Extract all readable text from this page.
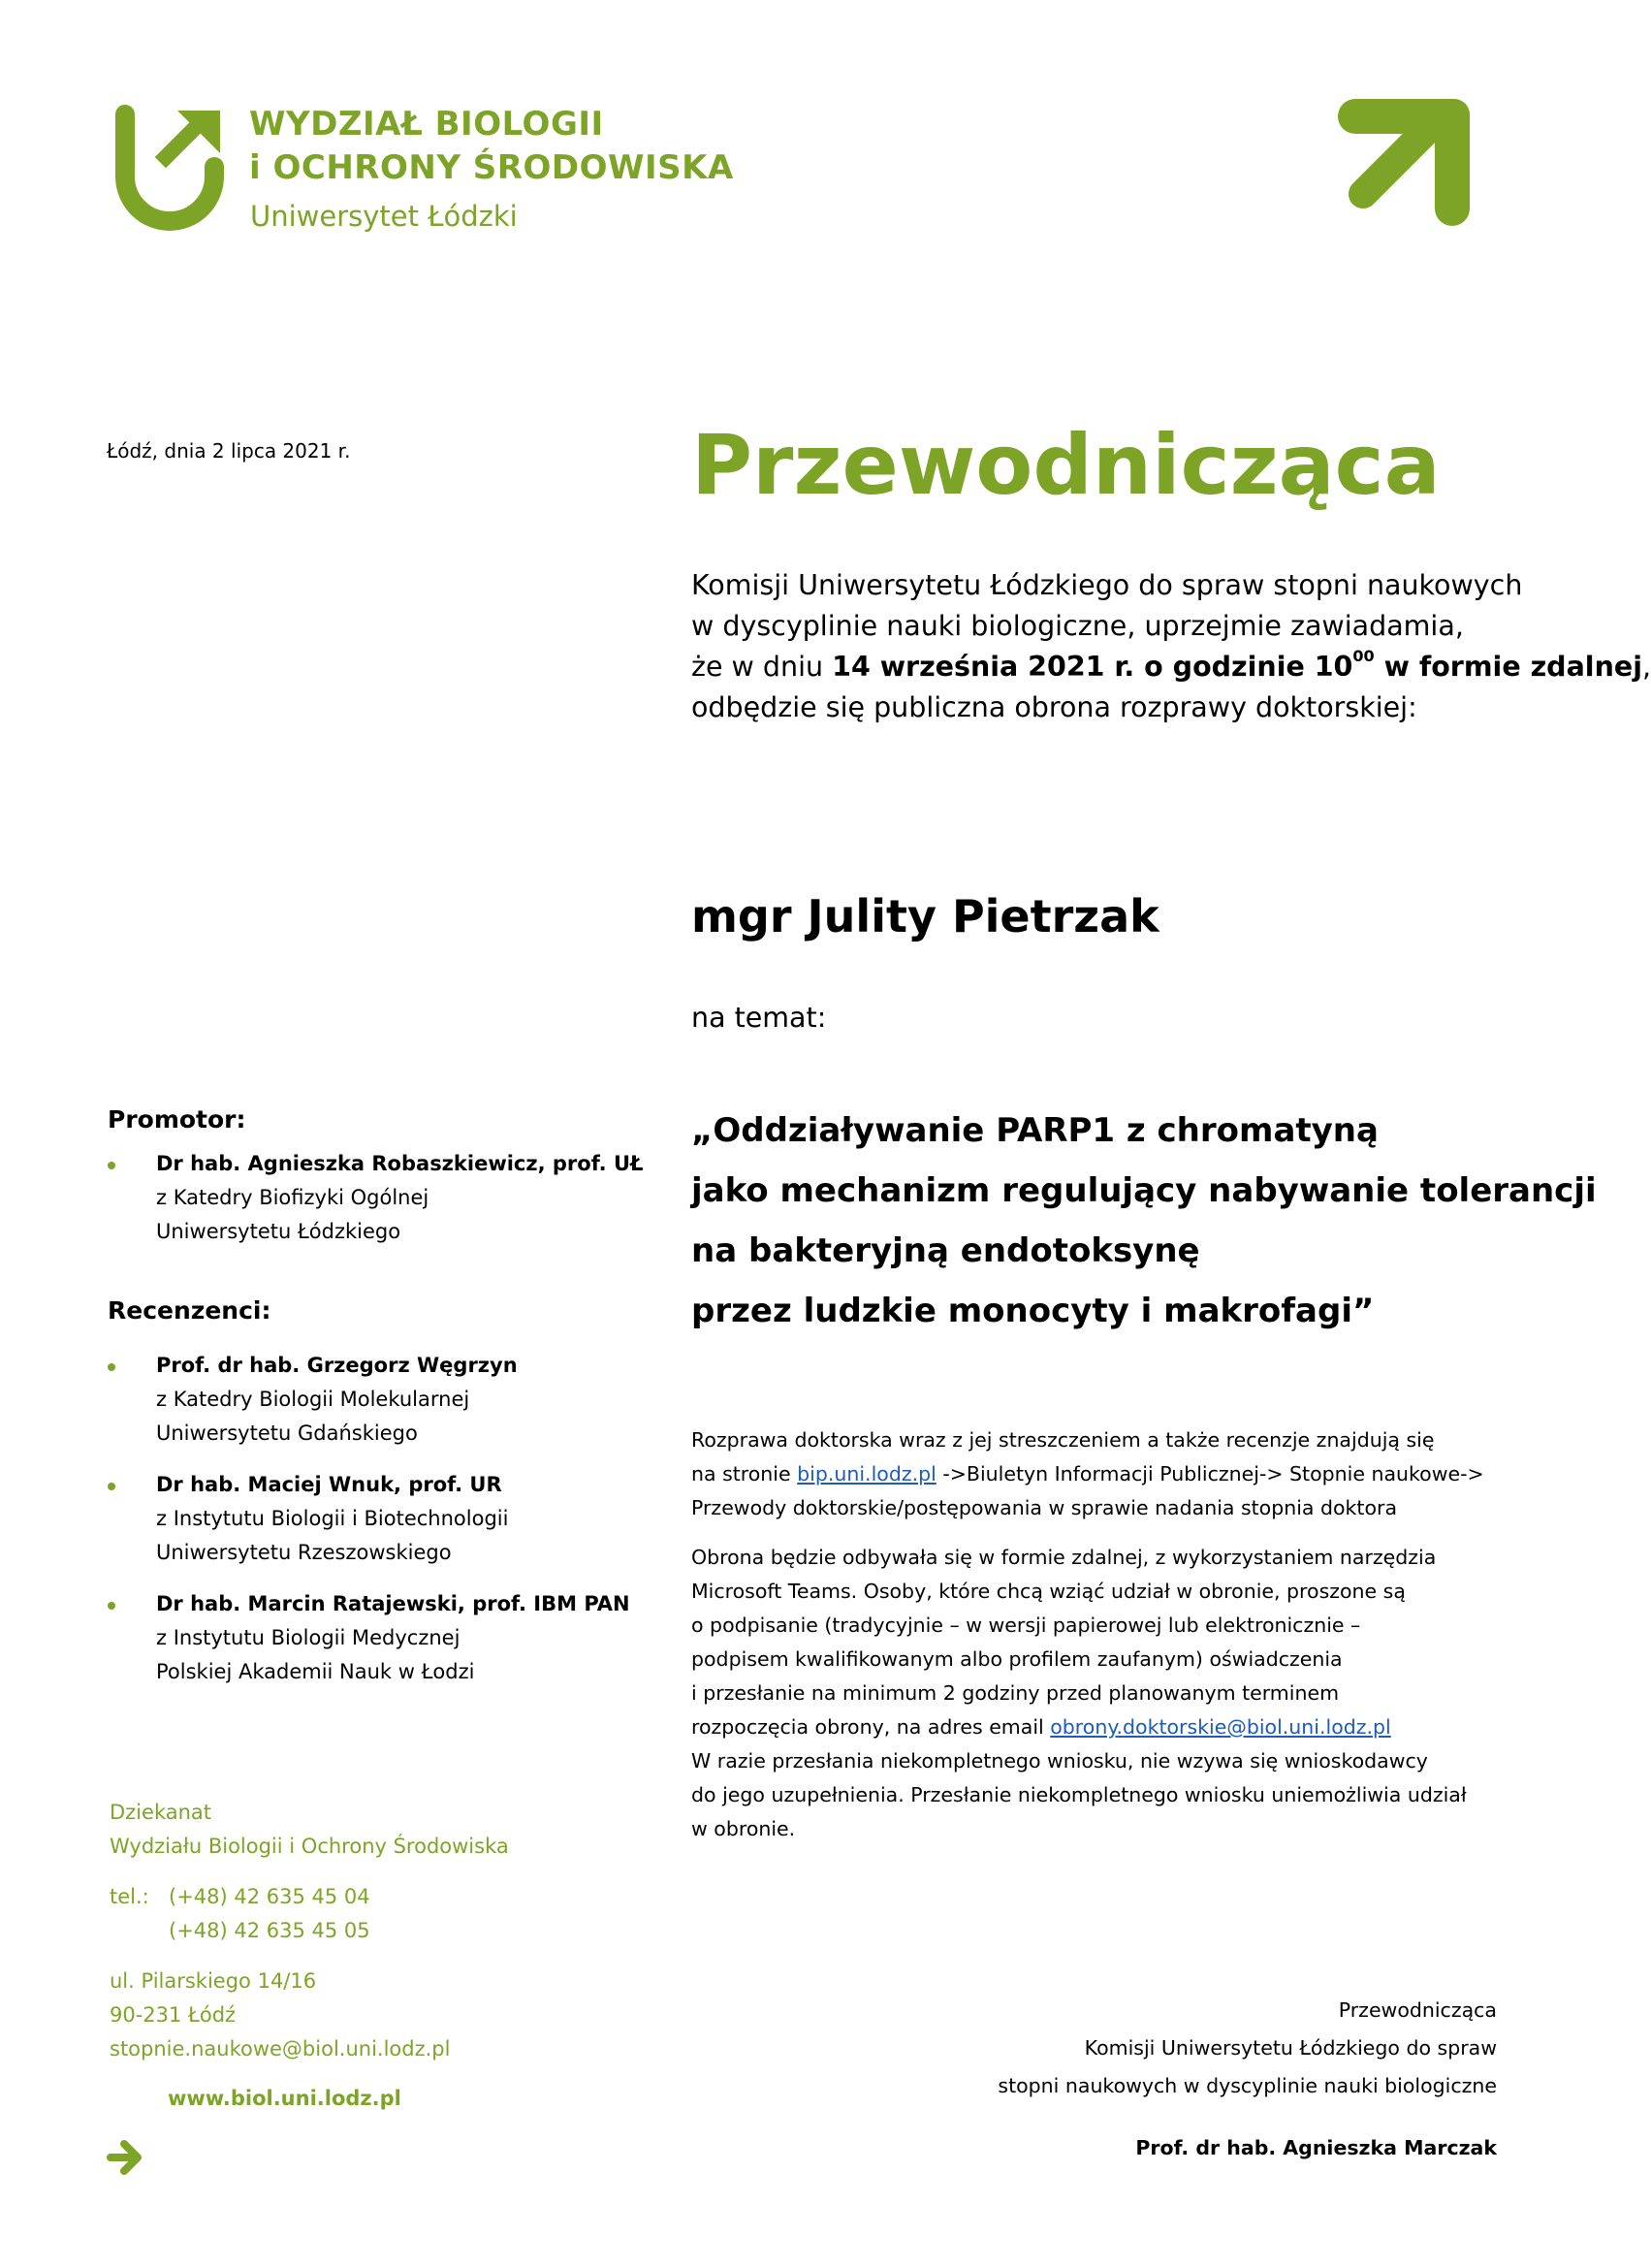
WYDZIAŁ BIOLOGII
i OCHRONY ŚRODOWISKA
Uniwersytet Łódzki
Łódź, dnia 2 lipca 2021 r.	Przewodnicząca

Komisji Uniwersytetu Łódzkiego do spraw stopni naukowych

w dyscyplinie nauki biologiczne, uprzejmie zawiadamia,

że w dniu 14 września 2021 r. o godzinie $10^{00}$ w formie zdalnej,

odbędzie się publiczna obrona rozprawy doktorskiej:

mgr Julity Pietrzak
na temat:
„Oddziaływanie PARP1 z chromatyną
jako mechanizm regulujący nabywanie tolerancji
na bakteryjną endotoksynę
przez ludzkie monocyty i makrofagi”
Promotor:
Dr hab. Agnieszka Robaszkiewicz, prof. UŁ
z Katedry Biofizyki Ogólnej
Uniwersytetu Łódzkiego
Recenzenci:
Prof. dr hab. Grzegorz Węgrzyn
z Katedry Biologii Molekularnej
Uniwersytetu Gdańskiego
Dr hab. Maciej Wnuk, prof. UR
z Instytutu Biologii i Biotechnologii
Uniwersytetu Rzeszowskiego
Dr hab. Marcin Ratajewski, prof. IBM PAN
z Instytutu Biologii Medycznej
Polskiej Akademii Nauk w Łodzi
Dziekanat
Wydziału Biologii i Ochrony Środowiska
tel.: (+48) 42 635 45 04
(+48) 42 635 45 05
ul. Pilarskiego 14/16
90-231 Łódź
stopnie.naukowe@biol.uni.lodz.pl
www.biol.uni.lodz.pl
Rozprawa doktorska wraz z jej streszczeniem a także recenzje znajdują się
na stronie bip.uni.lodz.pl ->Biuletyn Informacji Publicznej-> Stopnie naukowe->
Przewody doktorskie/postępowania w sprawie nadania stopnia doktora
Obrona będzie odbywała się w formie zdalnej, z wykorzystaniem narzędzia
Microsoft Teams. Osoby, które chcą wziąć udział w obronie, proszone są
o podpisanie (tradycyjnie – w wersji papierowej lub elektronicznie –
podpisem kwalifikowanym albo profilem zaufanym) oświadczenia
i przesłanie na minimum 2 godziny przed planowanym terminem
rozpoczęcia obrony, na adres email obrony.doktorskie@biol.uni.lodz.pl
W razie przesłania niekompletnego wniosku, nie wzywa się wnioskodawcy
do jego uzupełnienia. Przesłanie niekompletnego wniosku uniemożliwia udział
w obronie.
Przewodnicząca
Komisji Uniwersytetu Łódzkiego do spraw
stopni naukowych w dyscyplinie nauki biologiczne
Prof. dr hab. Agnieszka Marczak
